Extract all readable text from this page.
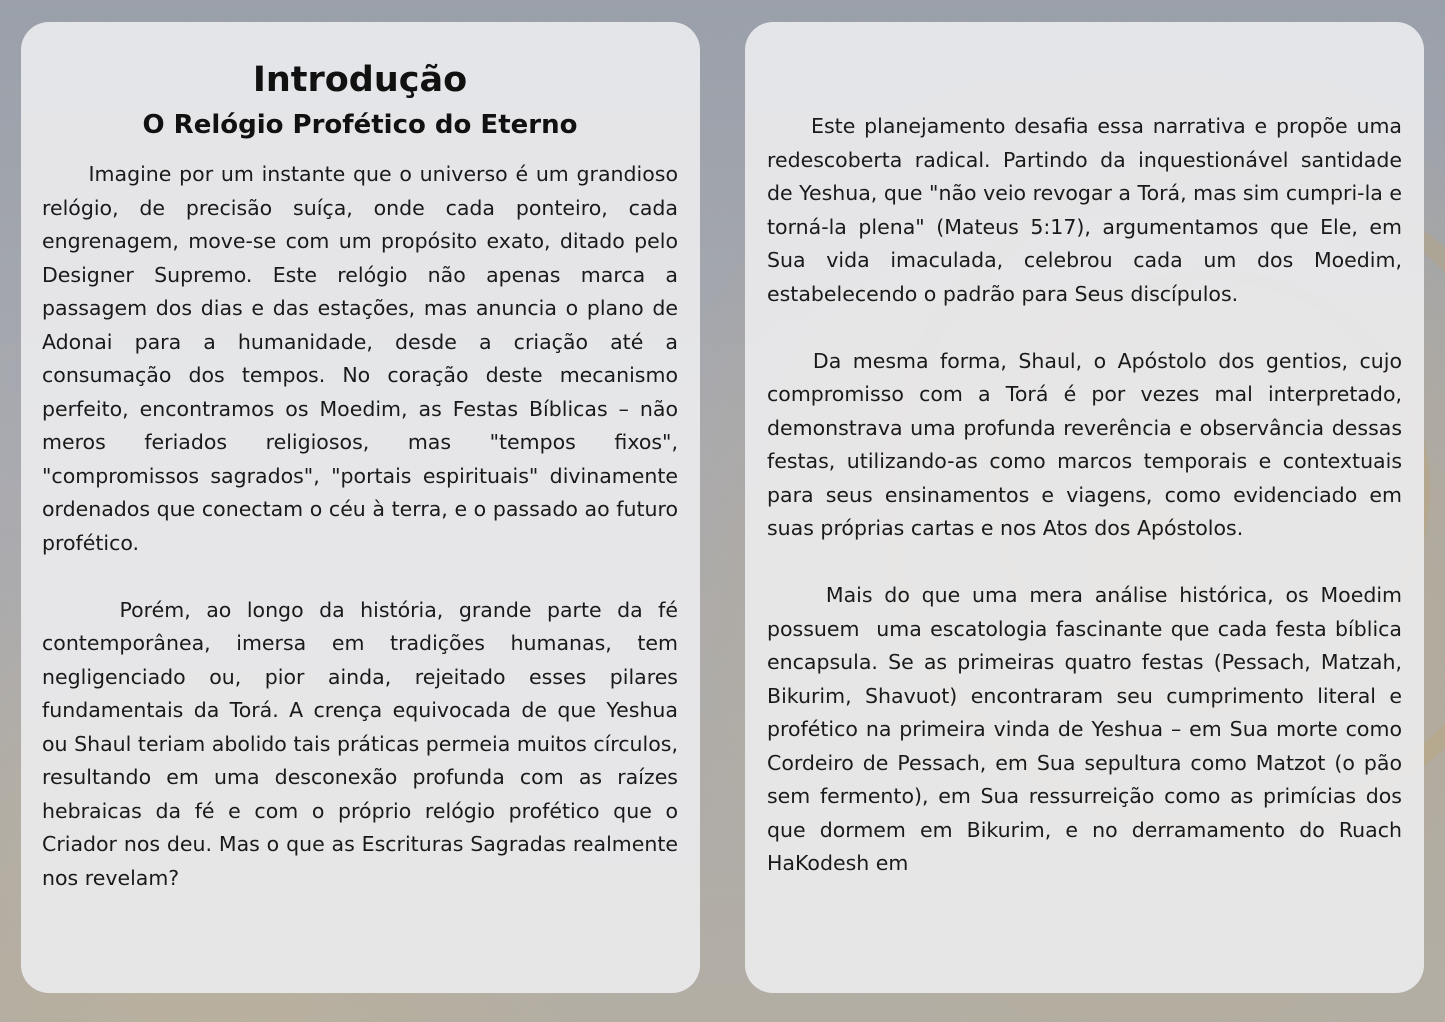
Introdução
O Relógio Profético do Eterno

Imagine por um instante que o universo é um grandioso relógio, de precisão suíça, onde cada ponteiro, cada engrenagem, move-se com um propósito exato, ditado pelo Designer Supremo. Este relógio não apenas marca a passagem dos dias e das estações, mas anuncia o plano de Adonai para a humanidade, desde a criação até a consumação dos tempos. No coração deste mecanismo perfeito, encontramos os Moedim, as Festas Bíblicas – não meros feriados religiosos, mas "tempos fixos", "compromissos sagrados", "portais espirituais" divinamente ordenados que conectam o céu à terra, e o passado ao futuro profético.

Porém, ao longo da história, grande parte da fé contemporânea, imersa em tradições humanas, tem negligenciado ou, pior ainda, rejeitado esses pilares fundamentais da Torá. A crença equivocada de que Yeshua ou Shaul teriam abolido tais práticas permeia muitos círculos, resultando em uma desconexão profunda com as raízes hebraicas da fé e com o próprio relógio profético que o Criador nos deu. Mas o que as Escrituras Sagradas realmente nos revelam?

Este planejamento desafia essa narrativa e propõe uma redescoberta radical. Partindo da inquestionável santidade de Yeshua, que "não veio revogar a Torá, mas sim cumpri-la e torná-la plena" (Mateus 5:17), argumentamos que Ele, em Sua vida imaculada, celebrou cada um dos Moedim, estabelecendo o padrão para Seus discípulos.

Da mesma forma, Shaul, o Apóstolo dos gentios, cujo compromisso com a Torá é por vezes mal interpretado, demonstrava uma profunda reverência e observância dessas festas, utilizando-as como marcos temporais e contextuais para seus ensinamentos e viagens, como evidenciado em suas próprias cartas e nos Atos dos Apóstolos.

Mais do que uma mera análise histórica, os Moedim possuem  uma escatologia fascinante que cada festa bíblica encapsula. Se as primeiras quatro festas (Pessach, Matzah, Bikurim, Shavuot) encontraram seu cumprimento literal e profético na primeira vinda de Yeshua – em Sua morte como Cordeiro de Pessach, em Sua sepultura como Matzot (o pão sem fermento), em Sua ressurreição como as primícias dos que dormem em Bikurim, e no derramamento do Ruach HaKodesh em
